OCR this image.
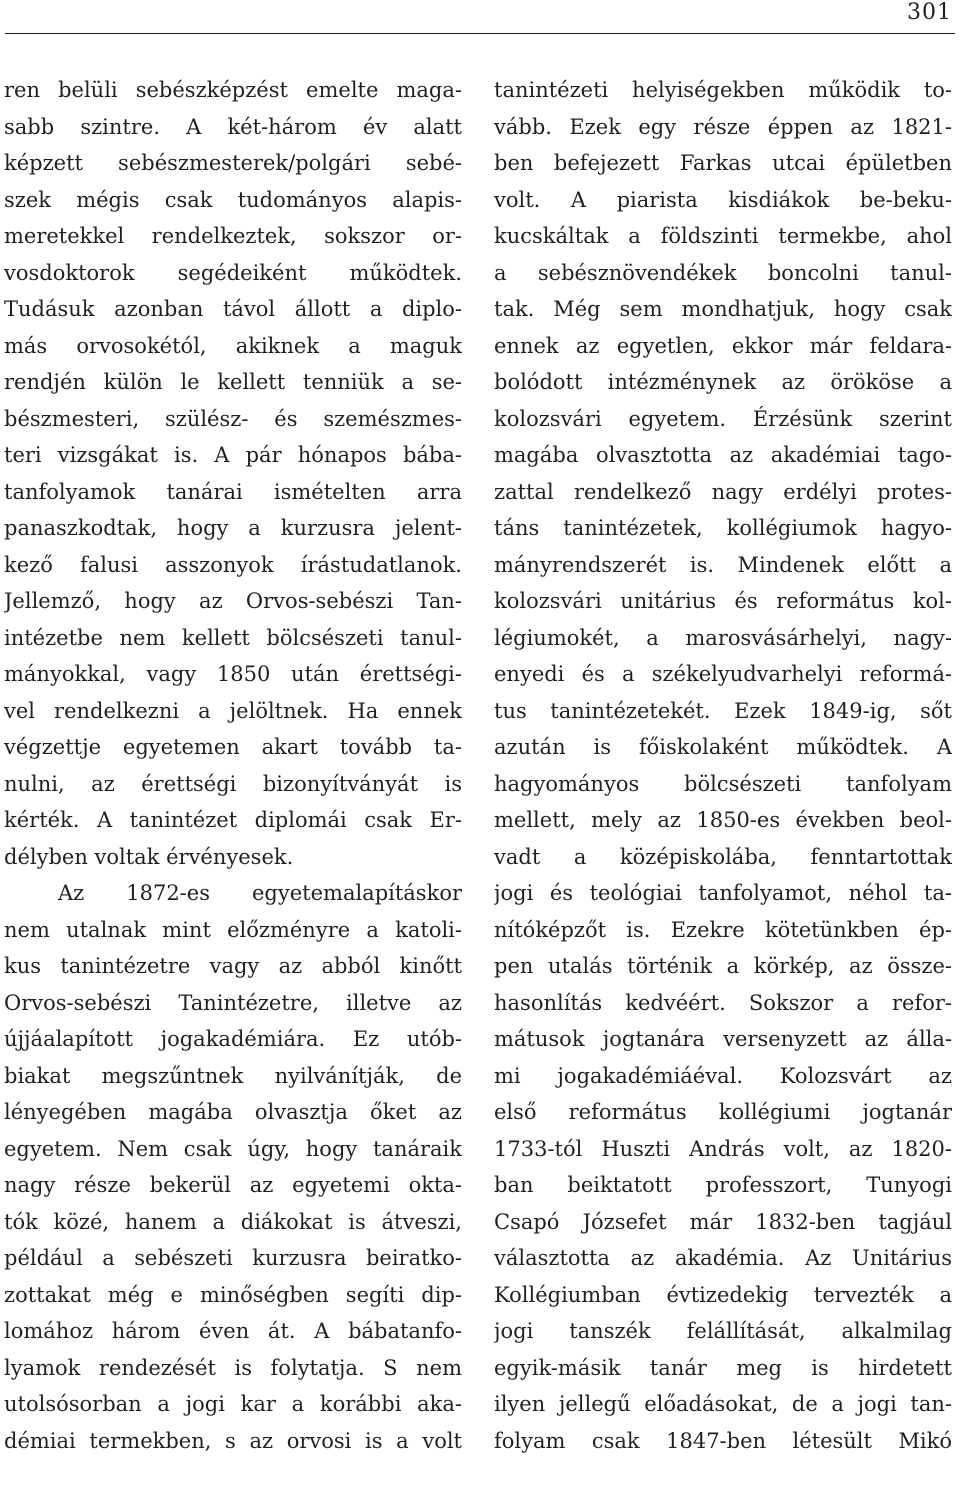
301
ren belüli sebészképzést emelte maga-
sabb szintre. A két-három év alatt
képzett sebészmesterek/polgári sebé-
szek mégis csak tudományos alapis-
meretekkel rendelkeztek, sokszor or-
vosdoktorok segédeiként működtek.
Tudásuk azonban távol állott a diplo-
más orvosokétól, akiknek a maguk
rendjén külön le kellett tenniük a se-
bészmesteri, szülész- és szemészmes-
teri vizsgákat is. A pár hónapos bába-
tanfolyamok tanárai ismételten arra
panaszkodtak, hogy a kurzusra jelent-
kező falusi asszonyok írástudatlanok.
Jellemző, hogy az Orvos-sebészi Tan-
intézetbe nem kellett bölcsészeti tanul-
mányokkal, vagy 1850 után érettségi-
vel rendelkezni a jelöltnek. Ha ennek
végzettje egyetemen akart tovább ta-
nulni, az érettségi bizonyítványát is
kérték. A tanintézet diplomái csak Er-
délyben voltak érvényesek.
Az 1872-es egyetemalapításkor
nem utalnak mint előzményre a katoli-
kus tanintézetre vagy az abból kinőtt
Orvos-sebészi Tanintézetre, illetve az
újjáalapított jogakadémiára. Ez utób-
biakat megszűntnek nyilvánítják, de
lényegében magába olvasztja őket az
egyetem. Nem csak úgy, hogy tanáraik
nagy része bekerül az egyetemi okta-
tók közé, hanem a diákokat is átveszi,
például a sebészeti kurzusra beiratko-
zottakat még e minőségben segíti dip-
lomához három éven át. A bábatanfo-
lyamok rendezését is folytatja. S nem
utolsósorban a jogi kar a korábbi aka-
démiai termekben, s az orvosi is a volt
tanintézeti helyiségekben működik to-
vább. Ezek egy része éppen az 1821-
ben befejezett Farkas utcai épületben
volt. A piarista kisdiákok be-beku-
kucskáltak a földszinti termekbe, ahol
a sebésznövendékek boncolni tanul-
tak. Még sem mondhatjuk, hogy csak
ennek az egyetlen, ekkor már feldara-
bolódott intézménynek az örököse a
kolozsvári egyetem. Érzésünk szerint
magába olvasztotta az akadémiai tago-
zattal rendelkező nagy erdélyi protes-
táns tanintézetek, kollégiumok hagyo-
mányrendszerét is. Mindenek előtt a
kolozsvári unitárius és református kol-
légiumokét, a marosvásárhelyi, nagy-
enyedi és a székelyudvarhelyi reformá-
tus tanintézetekét. Ezek 1849-ig, sőt
azután is főiskolaként működtek. A
hagyományos bölcsészeti tanfolyam
mellett, mely az 1850-es években beol-
vadt a középiskolába, fenntartottak
jogi és teológiai tanfolyamot, néhol ta-
nítóképzőt is. Ezekre kötetünkben ép-
pen utalás történik a körkép, az össze-
hasonlítás kedvéért. Sokszor a refor-
mátusok jogtanára versenyzett az álla-
mi jogakadémiáéval. Kolozsvárt az
első református kollégiumi jogtanár
1733-tól Huszti András volt, az 1820-
ban beiktatott professzort, Tunyogi
Csapó Józsefet már 1832-ben tagjául
választotta az akadémia. Az Unitárius
Kollégiumban évtizedekig tervezték a
jogi tanszék felállítását, alkalmilag
egyik-másik tanár meg is hirdetett
ilyen jellegű előadásokat, de a jogi tan-
folyam csak 1847-ben létesült Mikó
